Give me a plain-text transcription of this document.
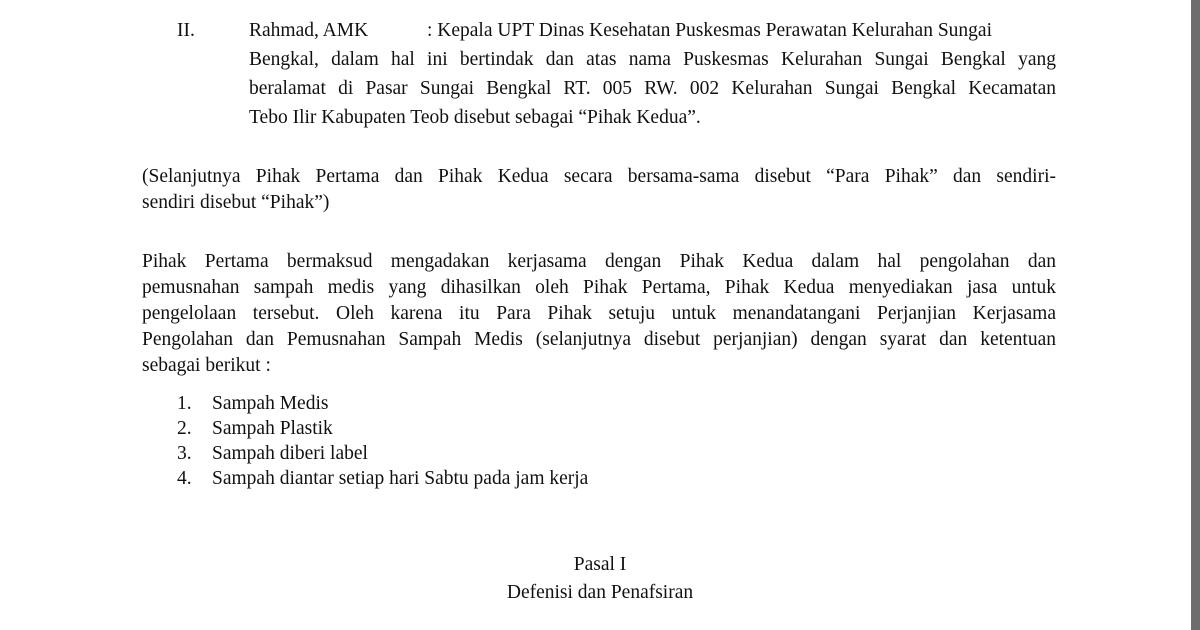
II.	Rahmad, AMK	: Kepala UPT Dinas Kesehatan Puskesmas Perawatan Kelurahan Sungai
Bengkal, dalam hal ini bertindak dan atas nama Puskesmas Kelurahan Sungai Bengkal yang
beralamat di Pasar Sungai Bengkal RT. 005 RW. 002 Kelurahan Sungai Bengkal Kecamatan
Tebo Ilir Kabupaten Teob disebut sebagai “Pihak Kedua”.
(Selanjutnya Pihak Pertama dan Pihak Kedua secara bersama-sama disebut “Para Pihak” dan sendiri-
sendiri disebut “Pihak”)
Pihak Pertama bermaksud mengadakan kerjasama dengan Pihak Kedua dalam hal pengolahan dan
pemusnahan sampah medis yang dihasilkan oleh Pihak Pertama, Pihak Kedua menyediakan jasa untuk
pengelolaan tersebut. Oleh karena itu Para Pihak setuju untuk menandatangani Perjanjian Kerjasama
Pengolahan dan Pemusnahan Sampah Medis (selanjutnya disebut perjanjian) dengan syarat dan ketentuan
sebagai berikut :
1. Sampah Medis
2. Sampah Plastik
3. Sampah diberi label
4. Sampah diantar setiap hari Sabtu pada jam kerja
Pasal I
Defenisi dan Penafsiran
